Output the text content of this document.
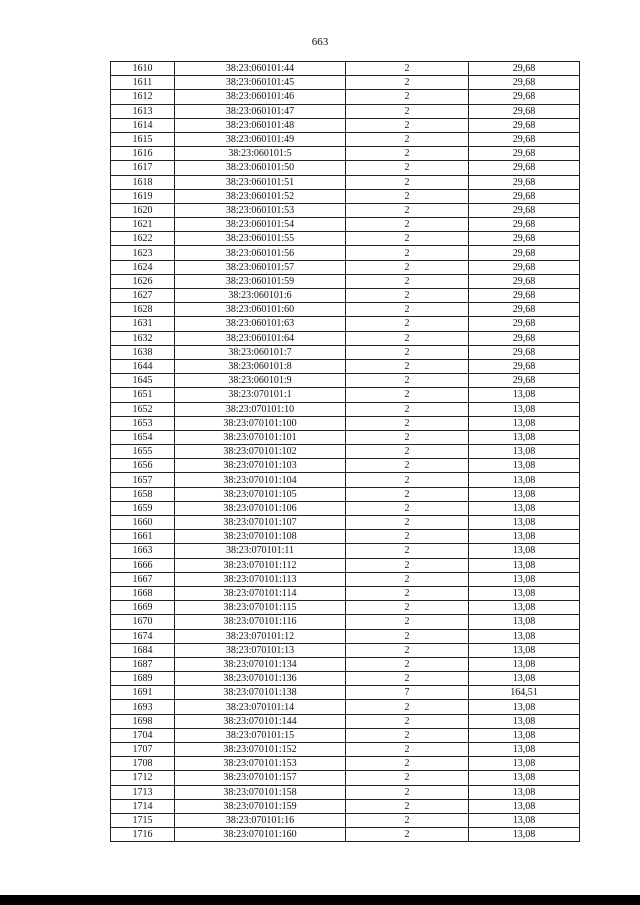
663
1610	38:23:060101:44	2	29,68
1611	38:23:060101:45	2	29,68
1612	38:23:060101:46	2	29,68
1613	38:23:060101:47	2	29,68
1614	38:23:060101:48	2	29,68
1615	38:23:060101:49	2	29,68
1616	38:23:060101:5	2	29,68
1617	38:23:060101:50	2	29,68
1618	38:23:060101:51	2	29,68
1619	38:23:060101:52	2	29,68
1620	38:23:060101:53	2	29,68
1621	38:23:060101:54	2	29,68
1622	38:23:060101:55	2	29,68
1623	38:23:060101:56	2	29,68
1624	38:23:060101:57	2	29,68
1626	38:23:060101:59	2	29,68
1627	38:23:060101:6	2	29,68
1628	38:23:060101:60	2	29,68
1631	38:23:060101:63	2	29,68
1632	38:23:060101:64	2	29,68
1638	38:23:060101:7	2	29,68
1644	38:23:060101:8	2	29,68
1645	38:23:060101:9	2	29,68
1651	38:23:070101:1	2	13,08
1652	38:23:070101:10	2	13,08
1653	38:23:070101:100	2	13,08
1654	38:23:070101:101	2	13,08
1655	38:23:070101:102	2	13,08
1656	38:23:070101:103	2	13,08
1657	38:23:070101:104	2	13,08
1658	38:23:070101:105	2	13,08
1659	38:23:070101:106	2	13,08
1660	38:23:070101:107	2	13,08
1661	38:23:070101:108	2	13,08
1663	38:23:070101:11	2	13,08
1666	38:23:070101:112	2	13,08
1667	38:23:070101:113	2	13,08
1668	38:23:070101:114	2	13,08
1669	38:23:070101:115	2	13,08
1670	38:23:070101:116	2	13,08
1674	38:23:070101:12	2	13,08
1684	38:23:070101:13	2	13,08
1687	38:23:070101:134	2	13,08
1689	38:23:070101:136	2	13,08
1691	38:23:070101:138	7	164,51
1693	38:23:070101:14	2	13,08
1698	38:23:070101:144	2	13,08
1704	38:23:070101:15	2	13,08
1707	38:23:070101:152	2	13,08
1708	38:23:070101:153	2	13,08
1712	38:23:070101:157	2	13,08
1713	38:23:070101:158	2	13,08
1714	38:23:070101:159	2	13,08
1715	38:23:070101:16	2	13,08
1716	38:23:070101:160	2	13,08
